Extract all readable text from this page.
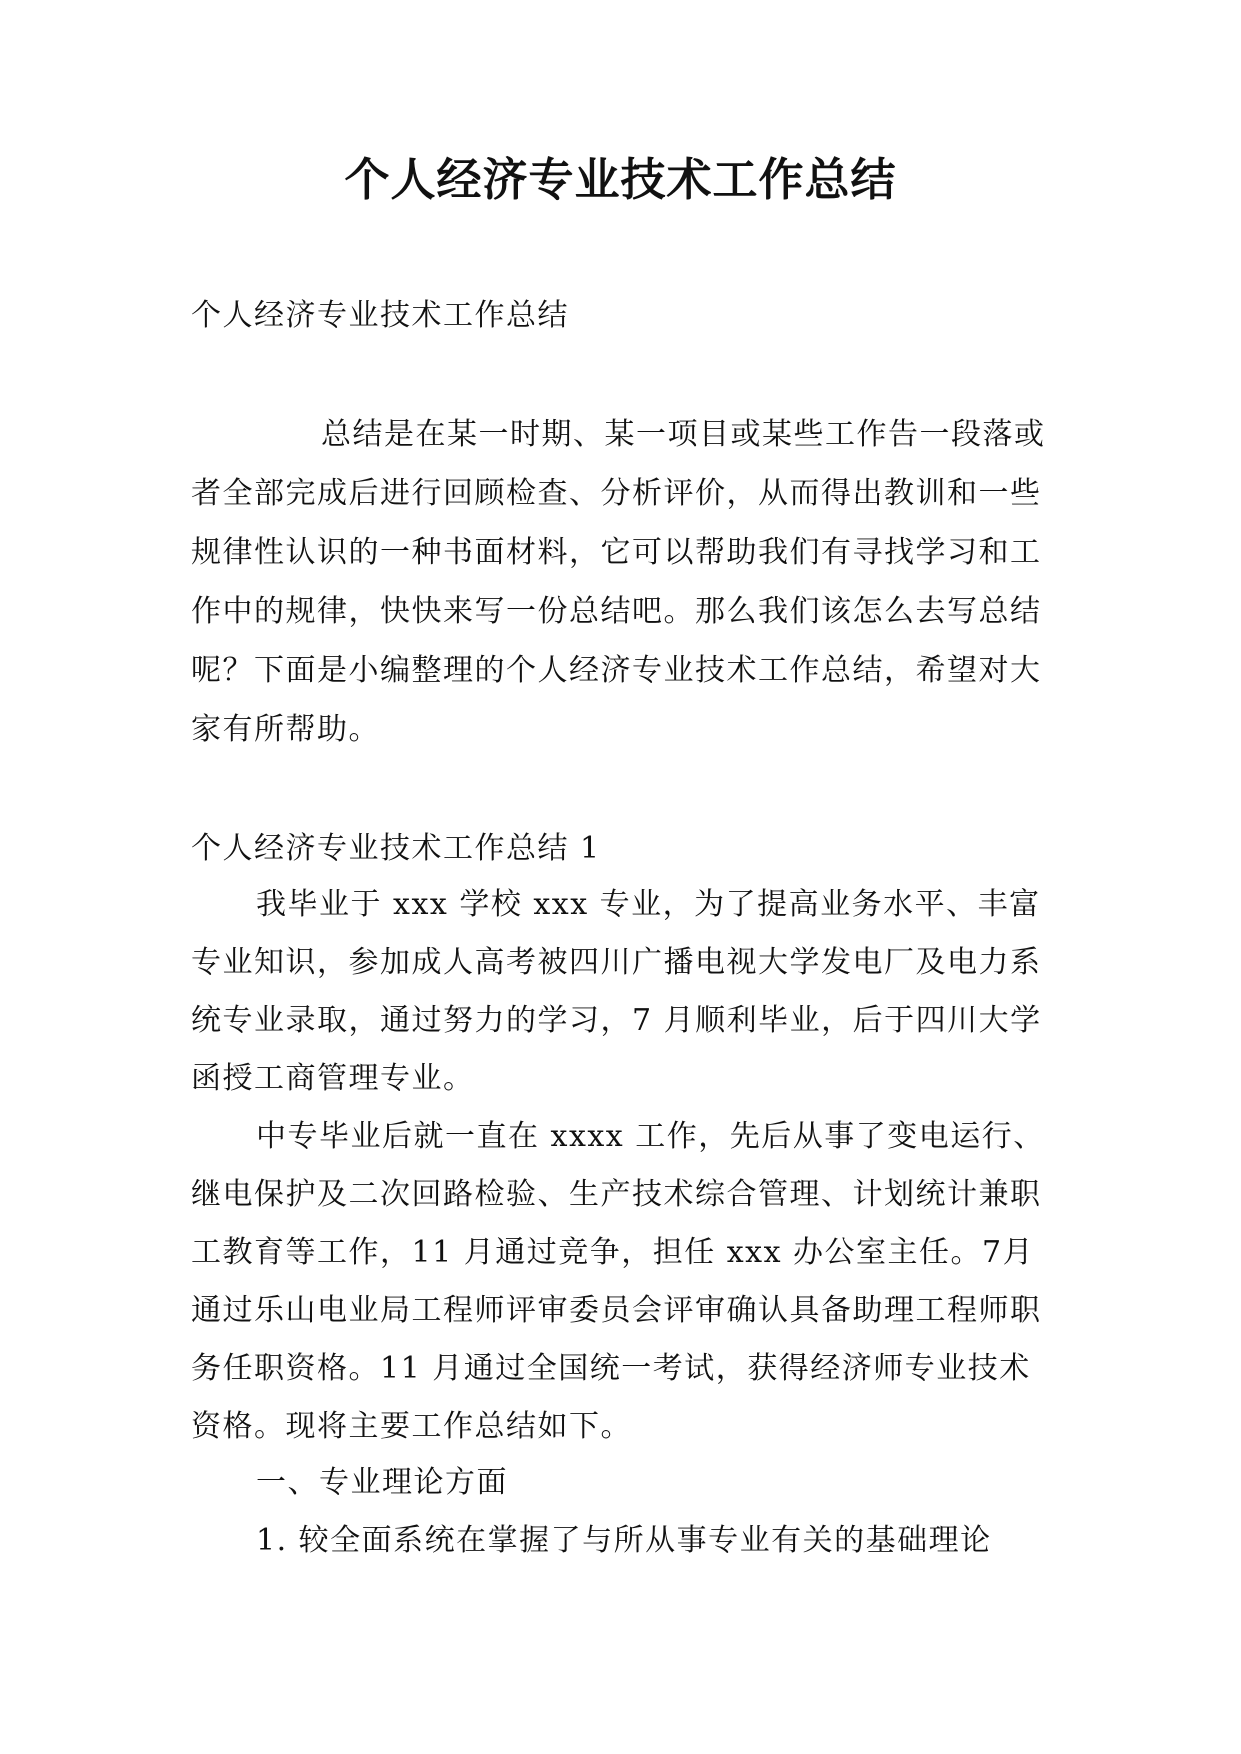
个人经济专业技术工作总结
个人经济专业技术工作总结
总结是在某一时期、某一项目或某些工作告一段落或者全部完成后进行回顾检查、分析评价，从而得出教训和一些规律性认识的一种书面材料，它可以帮助我们有寻找学习和工作中的规律，快快来写一份总结吧。那么我们该怎么去写总结呢？下面是小编整理的个人经济专业技术工作总结，希望对大家有所帮助。
个人经济专业技术工作总结 1
我毕业于 xxx 学校 xxx 专业，为了提高业务水平、丰富专业知识，参加成人高考被四川广播电视大学发电厂及电力系统专业录取，通过努力的学习，7 月顺利毕业，后于四川大学函授工商管理专业。
中专毕业后就一直在 xxxx 工作，先后从事了变电运行、继电保护及二次回路检验、生产技术综合管理、计划统计兼职工教育等工作，11 月通过竞争，担任 xxx 办公室主任。7月通过乐山电业局工程师评审委员会评审确认具备助理工程师职务任职资格。11 月通过全国统一考试，获得经济师专业技术资格。现将主要工作总结如下。
一、专业理论方面
1. 较全面系统在掌握了与所从事专业有关的基础理论
